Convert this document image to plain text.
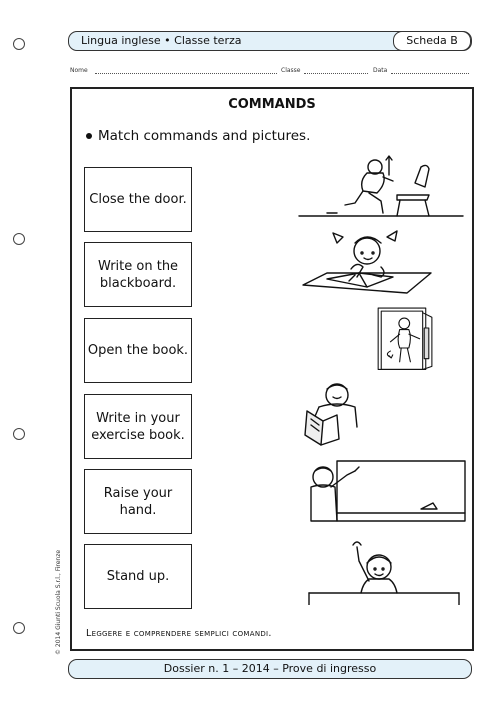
Lingua inglese • Classe terza	Scheda B
Nome	Classe	Data
COMMANDS
Match commands and pictures.
Close the door.
Write on the blackboard.
Open the book.
Write in your exercise book.
Raise your hand.
Stand up.
Leggere e comprendere semplici comandi.
© 2014 Giunti Scuola S.r.l., Firenze
Dossier n. 1 – 2014 – Prove di ingresso
